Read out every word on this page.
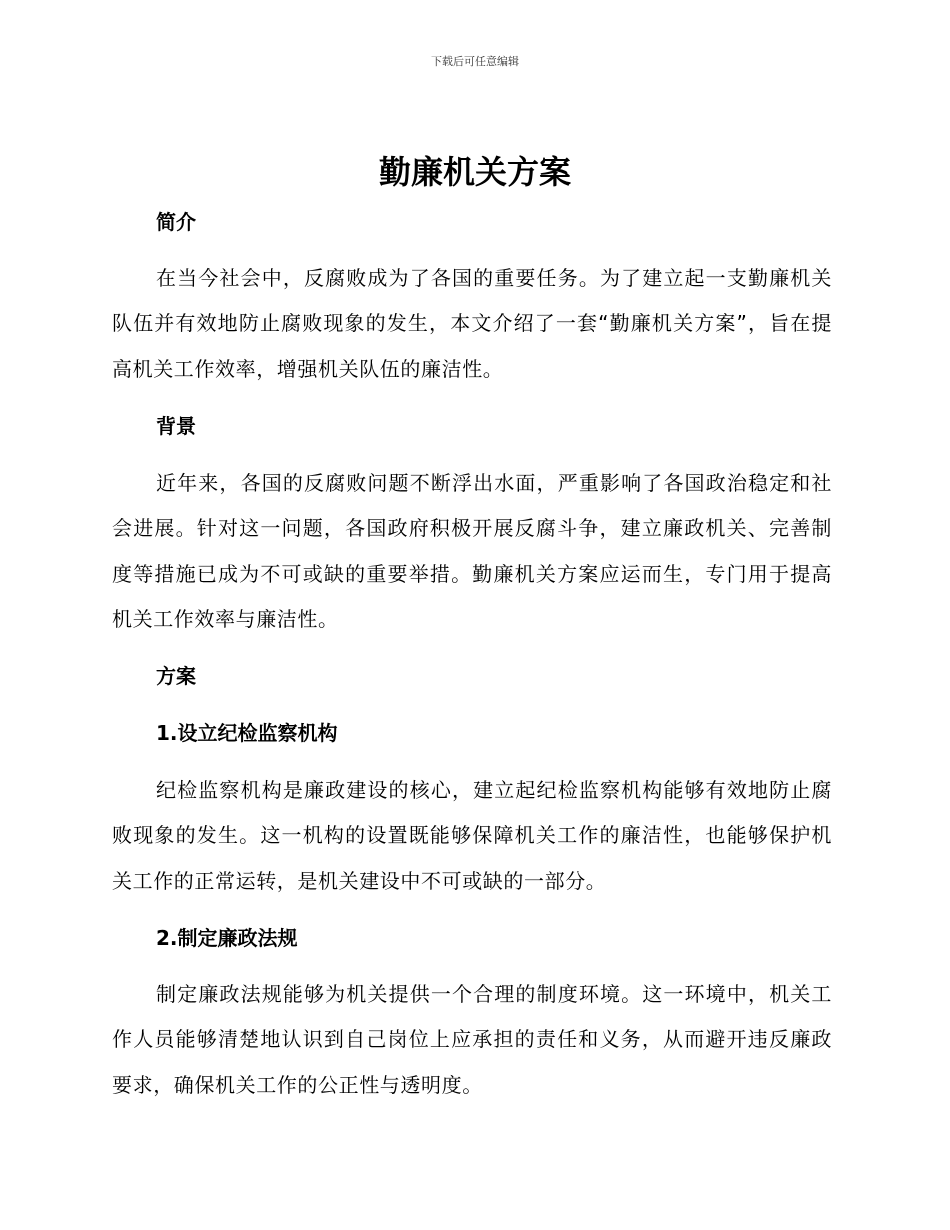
下载后可任意编辑
勤廉机关方案
简介

在当今社会中，反腐败成为了各国的重要任务。为了建立起一支勤廉机关队伍并有效地防止腐败现象的发生，本文介绍了一套“勤廉机关方案”，旨在提高机关工作效率，增强机关队伍的廉洁性。

背景

近年来，各国的反腐败问题不断浮出水面，严重影响了各国政治稳定和社会进展。针对这一问题，各国政府积极开展反腐斗争，建立廉政机关、完善制度等措施已成为不可或缺的重要举措。勤廉机关方案应运而生，专门用于提高机关工作效率与廉洁性。

方案
1.设立纪检监察机构

纪检监察机构是廉政建设的核心，建立起纪检监察机构能够有效地防止腐败现象的发生。这一机构的设置既能够保障机关工作的廉洁性，也能够保护机关工作的正常运转，是机关建设中不可或缺的一部分。

2.制定廉政法规

制定廉政法规能够为机关提供一个合理的制度环境。这一环境中，机关工作人员能够清楚地认识到自己岗位上应承担的责任和义务，从而避开违反廉政要求，确保机关工作的公正性与透明度。
